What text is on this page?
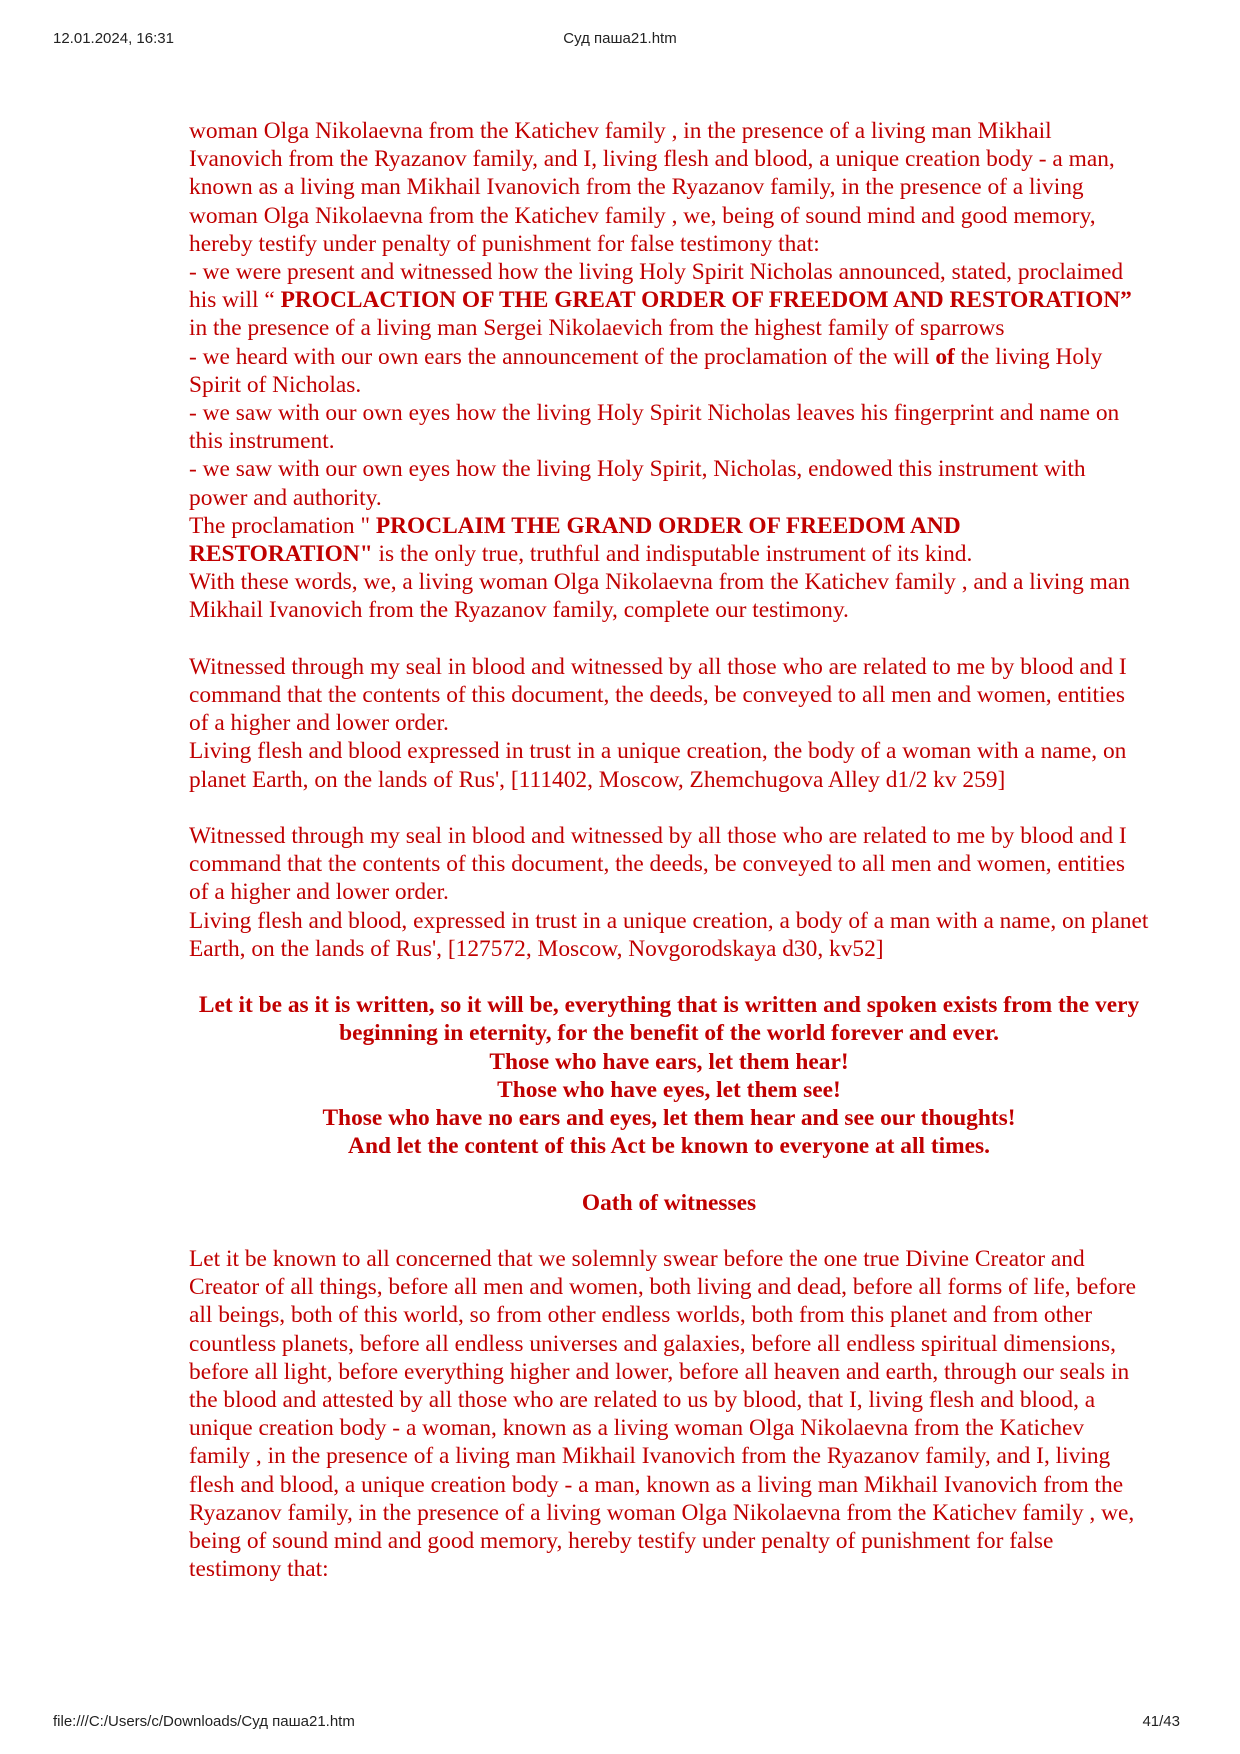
12.01.2024, 16:31	Суд паша21.htm

woman Olga Nikolaevna from the Katichev family , in the presence of a living man Mikhail Ivanovich from the Ryazanov family, and I, living flesh and blood, a unique creation body - a man, known as a living man Mikhail Ivanovich from the Ryazanov family, in the presence of a living woman Olga Nikolaevna from the Katichev family , we, being of sound mind and good memory, hereby testify under penalty of punishment for false testimony that:

- we were present and witnessed how the living Holy Spirit Nicholas announced, stated, proclaimed his will “ PROCLACTION OF THE GREAT ORDER OF FREEDOM AND RESTORATION” in the presence of a living man Sergei Nikolaevich from the highest family of sparrows

- we heard with our own ears the announcement of the proclamation of the will of the living Holy Spirit of Nicholas.

- we saw with our own eyes how the living Holy Spirit Nicholas leaves his fingerprint and name on this instrument.

- we saw with our own eyes how the living Holy Spirit, Nicholas, endowed this instrument with power and authority.

The proclamation " PROCLAIM THE GRAND ORDER OF FREEDOM AND RESTORATION" is the only true, truthful and indisputable instrument of its kind.

With these words, we, a living woman Olga Nikolaevna from the Katichev family , and a living man Mikhail Ivanovich from the Ryazanov family, complete our testimony.

Witnessed through my seal in blood and witnessed by all those who are related to me by blood and I command that the contents of this document, the deeds, be conveyed to all men and women, entities of a higher and lower order.

Living flesh and blood expressed in trust in a unique creation, the body of a woman with a name, on planet Earth, on the lands of Rus', [111402, Moscow, Zhemchugova Alley d1/2 kv 259]

Witnessed through my seal in blood and witnessed by all those who are related to me by blood and I command that the contents of this document, the deeds, be conveyed to all men and women, entities of a higher and lower order.

Living flesh and blood, expressed in trust in a unique creation, a body of a man with a name, on planet Earth, on the lands of Rus', [127572, Moscow, Novgorodskaya d30, kv52]

Let it be as it is written, so it will be, everything that is written and spoken exists from the very beginning in eternity, for the benefit of the world forever and ever.

Those who have ears, let them hear!

Those who have eyes, let them see!

Those who have no ears and eyes, let them hear and see our thoughts!

And let the content of this Act be known to everyone at all times.

Oath of witnesses

Let it be known to all concerned that we solemnly swear before the one true Divine Creator and Creator of all things, before all men and women, both living and dead, before all forms of life, before all beings, both of this world, so from other endless worlds, both from this planet and from other countless planets, before all endless universes and galaxies, before all endless spiritual dimensions, before all light, before everything higher and lower, before all heaven and earth, through our seals in the blood and attested by all those who are related to us by blood, that I, living flesh and blood, a unique creation body - a woman, known as a living woman Olga Nikolaevna from the Katichev family , in the presence of a living man Mikhail Ivanovich from the Ryazanov family, and I, living flesh and blood, a unique creation body - a man, known as a living man Mikhail Ivanovich from the Ryazanov family, in the presence of a living woman Olga Nikolaevna from the Katichev family , we, being of sound mind and good memory, hereby testify under penalty of punishment for false testimony that:

file:///C:/Users/c/Downloads/Суд паша21.htm	41/43
